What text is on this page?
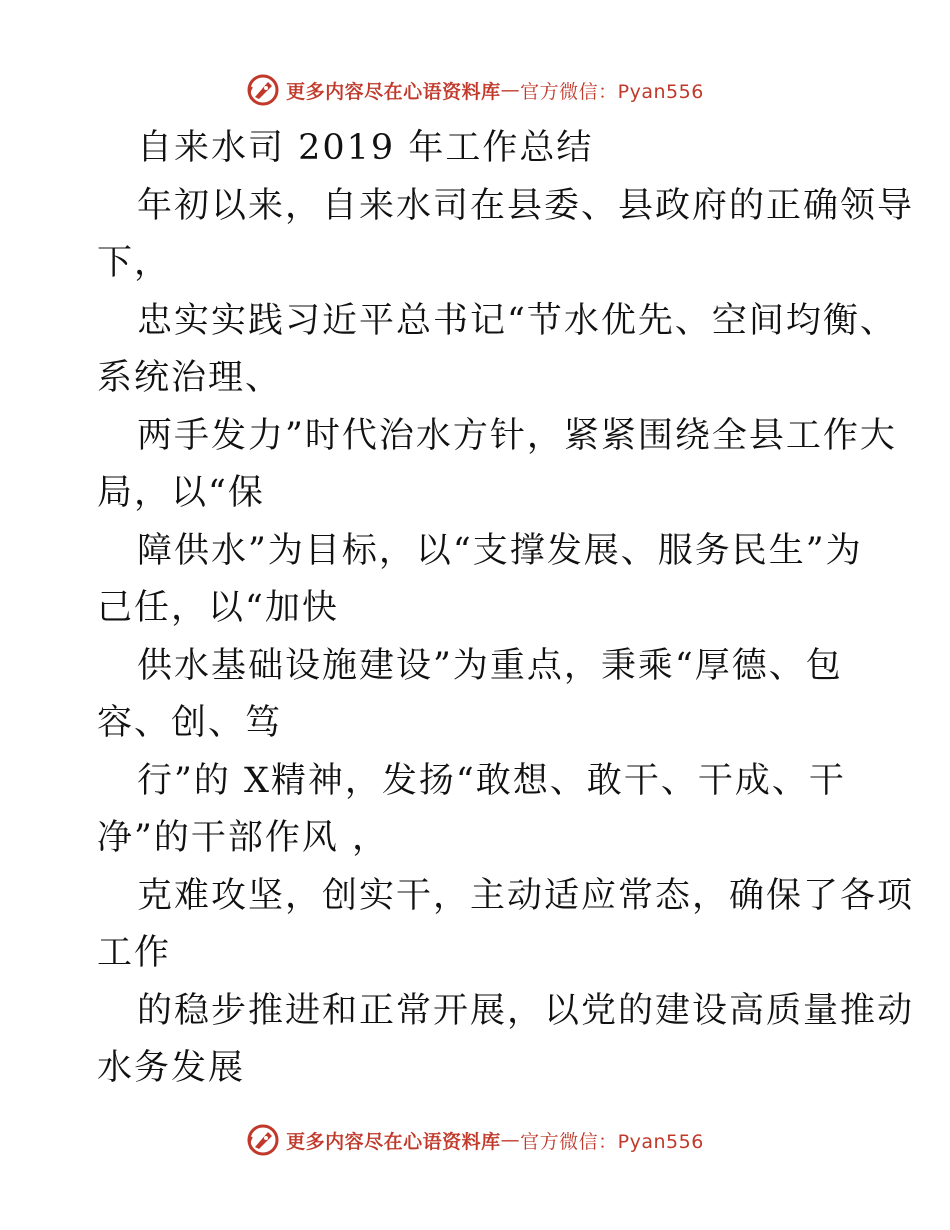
更多内容尽在心语资料库 — 官方微信：Pyan556
自来水司 2019 年工作总结
年初以来，自来水司在县委、县政府的正确领导
下，
忠实实践习近平总书记“节水优先、空间均衡、
系统治理、
两手发力”时代治水方针，紧紧围绕全县工作大
局，以“保
障供水”为目标，以“支撑发展、服务民生”为
己任，以“加快
供水基础设施建设”为重点，秉乘“厚德、包
容、创、笃
行”的 X精神，发扬“敢想、敢干、干成、干
净”的干部作风 ，
克难攻坚，创实干，主动适应常态，确保了各项
工作
的稳步推进和正常开展，以党的建设高质量推动
水务发展
更多内容尽在心语资料库 — 官方微信：Pyan556
